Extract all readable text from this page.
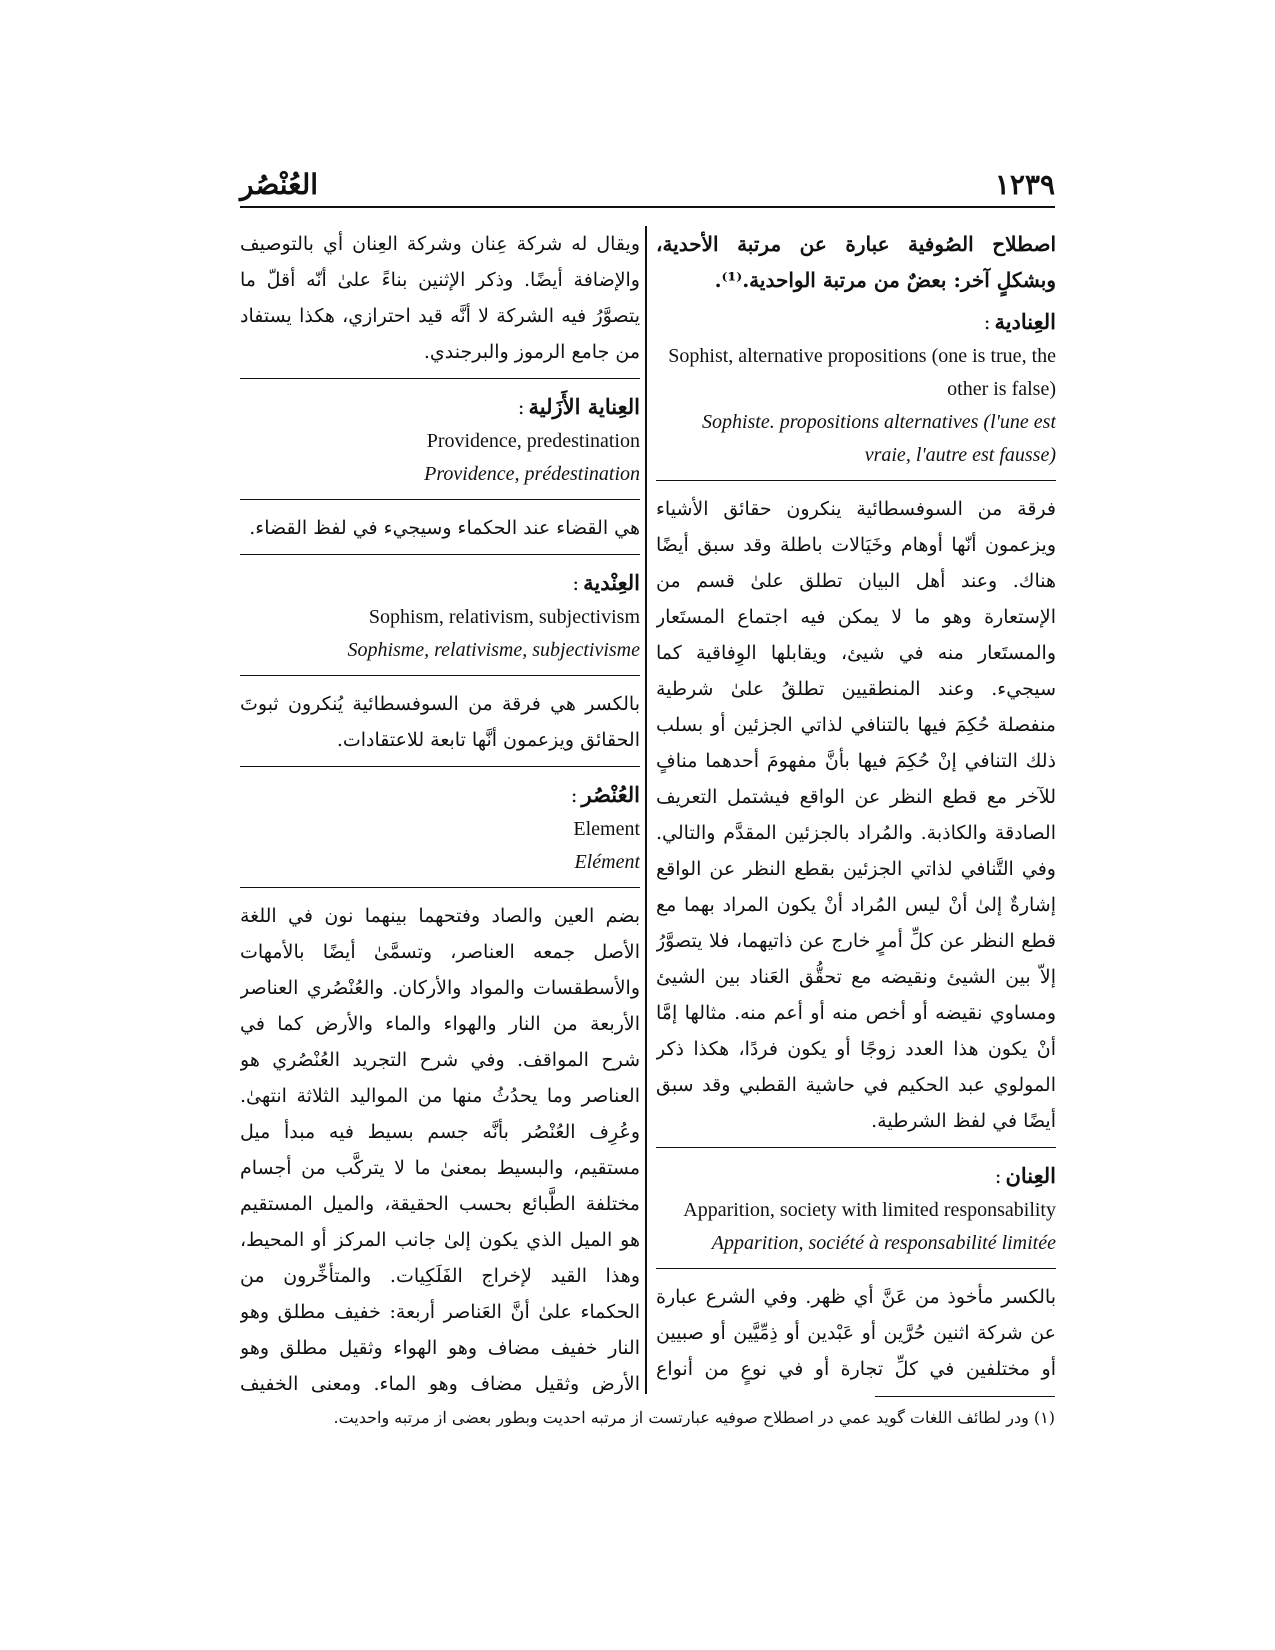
١٢٣٩
العُنْصُر

اصطلاح الصُوفية عبارة عن مرتبة الأحدية، وبشكلٍ آخر: بعضٌ من مرتبة الواحدية.⁽¹⁾.

العِنادية:
Sophist, alternative propositions (one is true, the other is false)
Sophiste. propositions alternatives (l'une est vraie, l'autre est fausse)

فرقة من السوفسطائية ينكرون حقائق الأشياء ويزعمون أنّها أوهام وخَيَالات باطلة وقد سبق أيضًا هناك. وعند أهل البيان تطلق علىٰ قسم من الإستعارة وهو ما لا يمكن فيه اجتماع المستَعار والمستَعار منه في شيئ، ويقابلها الوِفاقية كما سيجيء. وعند المنطقيين تطلقُ علىٰ شرطية منفصلة حُكِمَ فيها بالتنافي لذاتي الجزئين أو بسلب ذلك التنافي إنْ حُكِمَ فيها بأنَّ مفهومَ أحدهما منافٍ للآخر مع قطع النظر عن الواقع فيشتمل التعريف الصادقة والكاذبة. والمُراد بالجزئين المقدَّم والتالي. وفي التَّنافي لذاتي الجزئين بقطع النظر عن الواقع إشارةٌ إلىٰ أنْ ليس المُراد أنْ يكون المراد بهما مع قطع النظر عن كلِّ أمرٍ خارج عن ذاتيهما، فلا يتصوَّرُ إلاّ بين الشيئ ونقيضه مع تحقُّق العَناد بين الشيئ ومساوي نقيضه أو أخص منه أو أعم منه. مثالها إمَّا أنْ يكون هذا العدد زوجًا أو يكون فردًا، هكذا ذكر المولوي عبد الحكيم في حاشية القطبي وقد سبق أيضًا في لفظ الشرطية.

العِنان:
Apparition, society with limited responsability
Apparition, société à responsabilité limitée

بالكسر مأخوذ من عَنَّ أي ظهر. وفي الشرع عبارة عن شركة اثنين حُرَّين أو عَبْدين أو ذِمِّيَّين أو صبيين أو مختلفين في كلِّ تجارة أو في نوعٍ من أنواع

ويقال له شركة عِنان وشركة العِنان أي بالتوصيف والإضافة أيضًا. وذكر الإثنين بناءً علىٰ أنّه أقلّ ما يتصوَّرُ فيه الشركة لا أنَّه قيد احترازي، هكذا يستفاد من جامع الرموز والبرجندي.

العِناية الأَزَلية:
Providence, predestination
Providence, prédestination

هي القضاء عند الحكماء وسيجيء في لفظ القضاء.

العِنْدية:
Sophism, relativism, subjectivism
Sophisme, relativisme, subjectivisme

بالكسر هي فرقة من السوفسطائية يُنكرون ثبوتَ الحقائق ويزعمون أنَّها تابعة للاعتقادات.

العُنْصُر:
Element
Elément

بضم العين والصاد وفتحهما بينهما نون في اللغة الأصل جمعه العناصر، وتسمَّىٰ أيضًا بالأمهات والأسطقسات والمواد والأركان. والعُنْصُري العناصر الأربعة من النار والهواء والماء والأرض كما في شرح المواقف. وفي شرح التجريد العُنْصُري هو العناصر وما يحدُثُ منها من المواليد الثلاثة انتهىٰ. وعُرِف العُنْصُر بأنَّه جسم بسيط فيه مبدأ ميل مستقيم، والبسيط بمعنىٰ ما لا يتركَّب من أجسام مختلفة الطَّبائع بحسب الحقيقة، والميل المستقيم هو الميل الذي يكون إلىٰ جانب المركز أو المحيط، وهذا القيد لإخراج الفَلَكِيات. والمتأخِّرون من الحكماء علىٰ أنَّ العَناصر أربعة: خفيف مطلق وهو النار خفيف مضاف وهو الهواء وثقيل مطلق وهو الأرض وثقيل مضاف وهو الماء. ومعنى الخفيف

(١) ودر لطائف اللغات گويد عمي در اصطلاح صوفيه عبارتست از مرتبه احديت وبطور بعضى از مرتبه واحديت.
